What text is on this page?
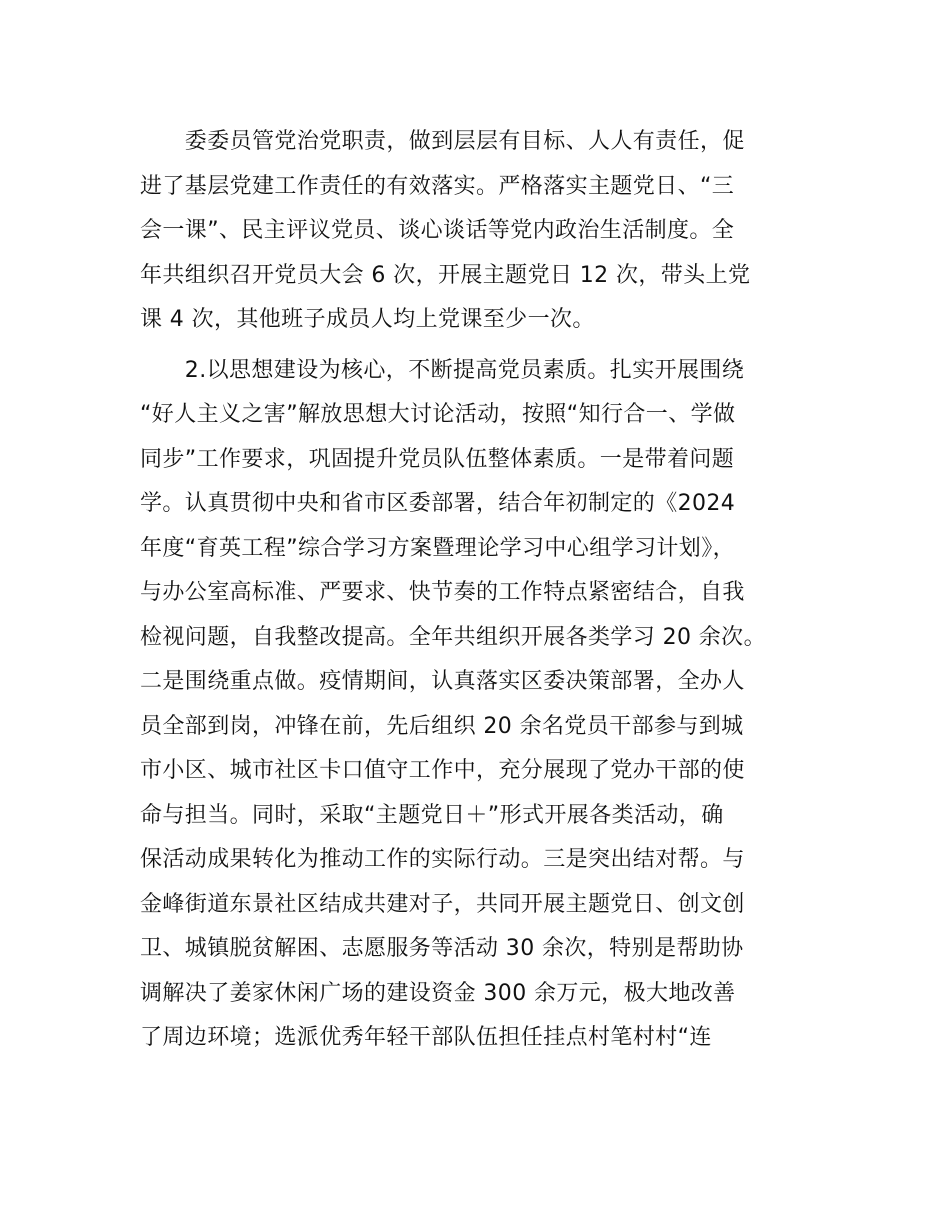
　　委委员管党治党职责，做到层层有目标、人人有责任，促
进了基层党建工作责任的有效落实。严格落实主题党日、“三
会一课”、民主评议党员、谈心谈话等党内政治生活制度。全
年共组织召开党员大会 6 次，开展主题党日 12 次，带头上党
课 4 次，其他班子成员人均上党课至少一次。
　　2.以思想建设为核心，不断提高党员素质。扎实开展围绕
“好人主义之害”解放思想大讨论活动，按照“知行合一、学做
同步”工作要求，巩固提升党员队伍整体素质。一是带着问题
学。认真贯彻中央和省市区委部署，结合年初制定的《2024
年度“育英工程”综合学习方案暨理论学习中心组学习计划》，
与办公室高标准、严要求、快节奏的工作特点紧密结合，自我
检视问题，自我整改提高。全年共组织开展各类学习 20 余次。
二是围绕重点做。疫情期间，认真落实区委决策部署，全办人
员全部到岗，冲锋在前，先后组织 20 余名党员干部参与到城
市小区、城市社区卡口值守工作中，充分展现了党办干部的使
命与担当。同时，采取“主题党日＋”形式开展各类活动，确
保活动成果转化为推动工作的实际行动。三是突出结对帮。与
金峰街道东景社区结成共建对子，共同开展主题党日、创文创
卫、城镇脱贫解困、志愿服务等活动 30 余次，特别是帮助协
调解决了姜家休闲广场的建设资金 300 余万元，极大地改善
了周边环境；选派优秀年轻干部队伍担任挂点村笔村村“连
